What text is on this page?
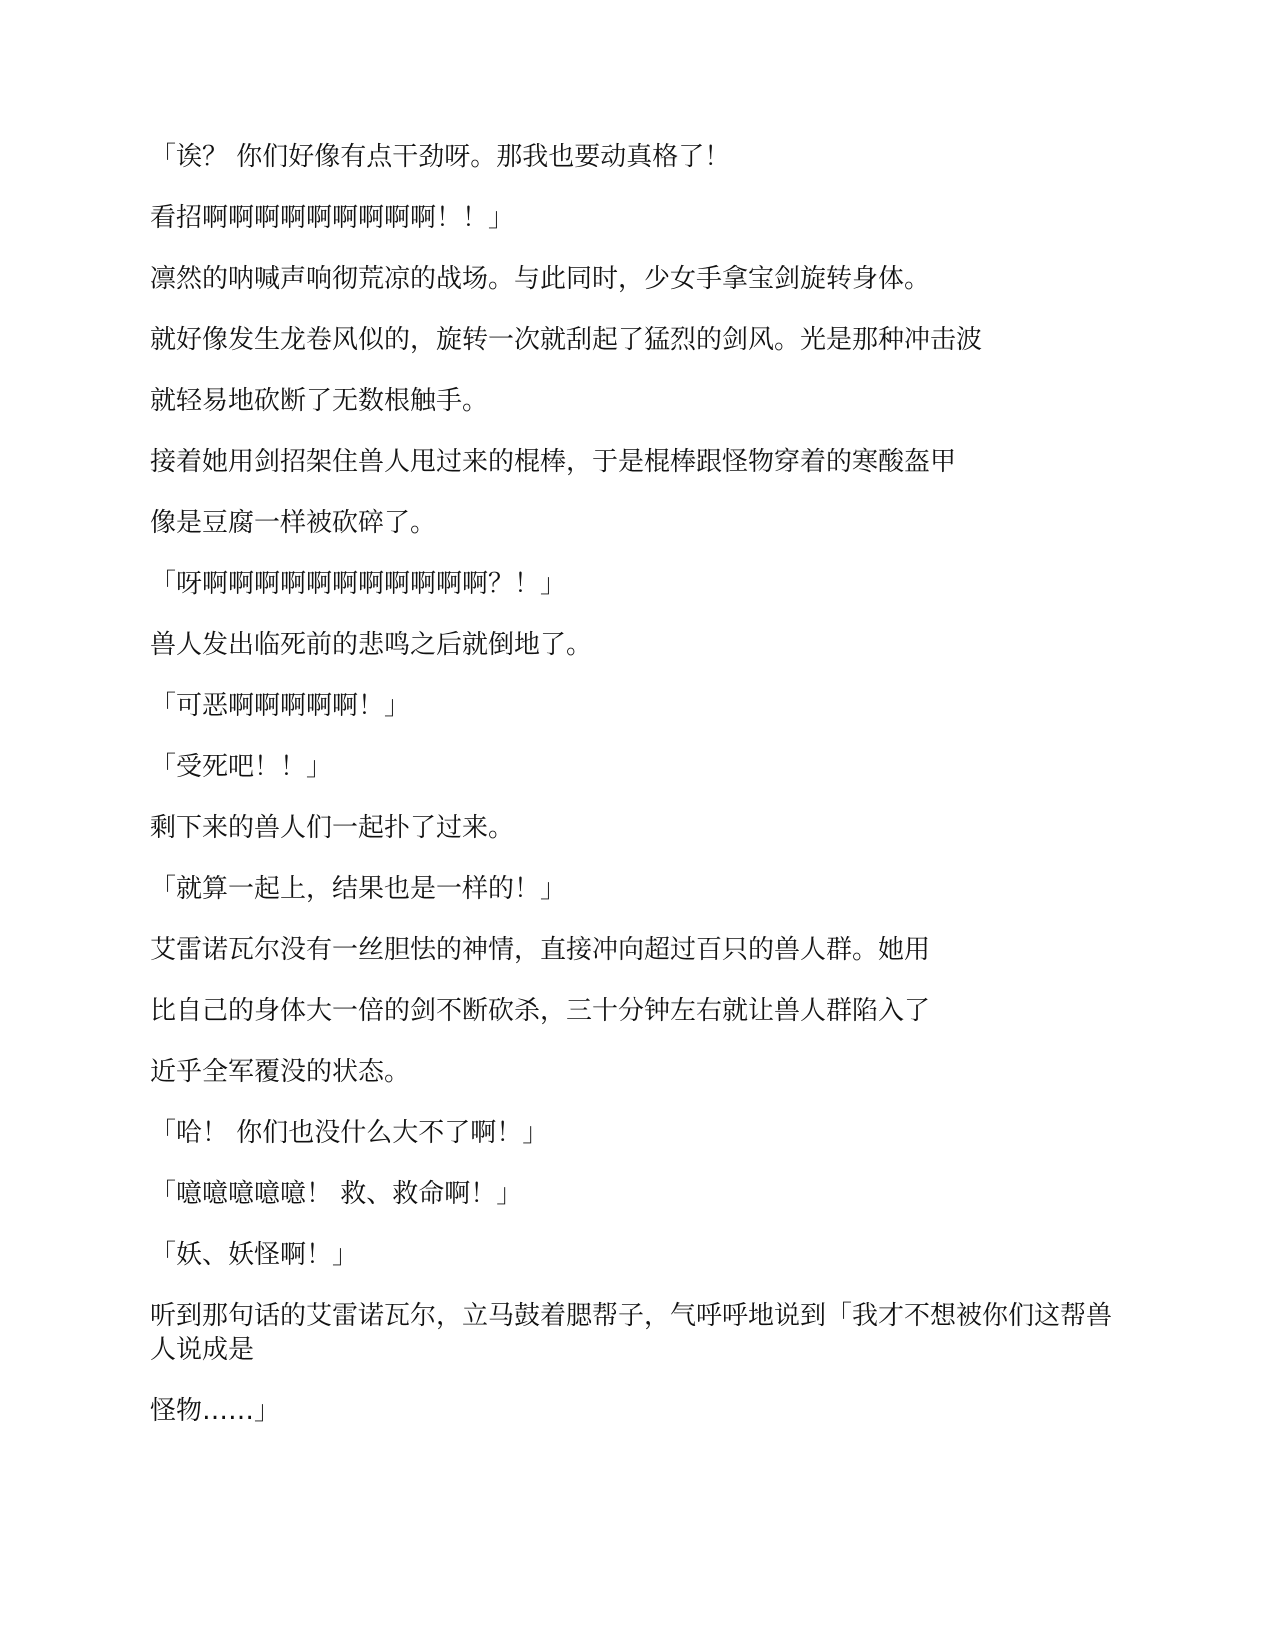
「诶？ 你们好像有点干劲呀。那我也要动真格了！

看招啊啊啊啊啊啊啊啊啊！！」

凛然的呐喊声响彻荒凉的战场。与此同时，少女手拿宝剑旋转身体。

就好像发生龙卷风似的，旋转一次就刮起了猛烈的剑风。光是那种冲击波

就轻易地砍断了无数根触手。

接着她用剑招架住兽人甩过来的棍棒，于是棍棒跟怪物穿着的寒酸盔甲

像是豆腐一样被砍碎了。

「呀啊啊啊啊啊啊啊啊啊啊啊？！」

兽人发出临死前的悲鸣之后就倒地了。

「可恶啊啊啊啊啊！」

「受死吧！！」

剩下来的兽人们一起扑了过来。

「就算一起上，结果也是一样的！」

艾雷诺瓦尔没有一丝胆怯的神情，直接冲向超过百只的兽人群。她用

比自己的身体大一倍的剑不断砍杀，三十分钟左右就让兽人群陷入了

近乎全军覆没的状态。

「哈！ 你们也没什么大不了啊！」

「噫噫噫噫噫！ 救、救命啊！」

「妖、妖怪啊！」

听到那句话的艾雷诺瓦尔，立马鼓着腮帮子，气呼呼地说到「我才不想被你们这帮兽人说成是

怪物……」
